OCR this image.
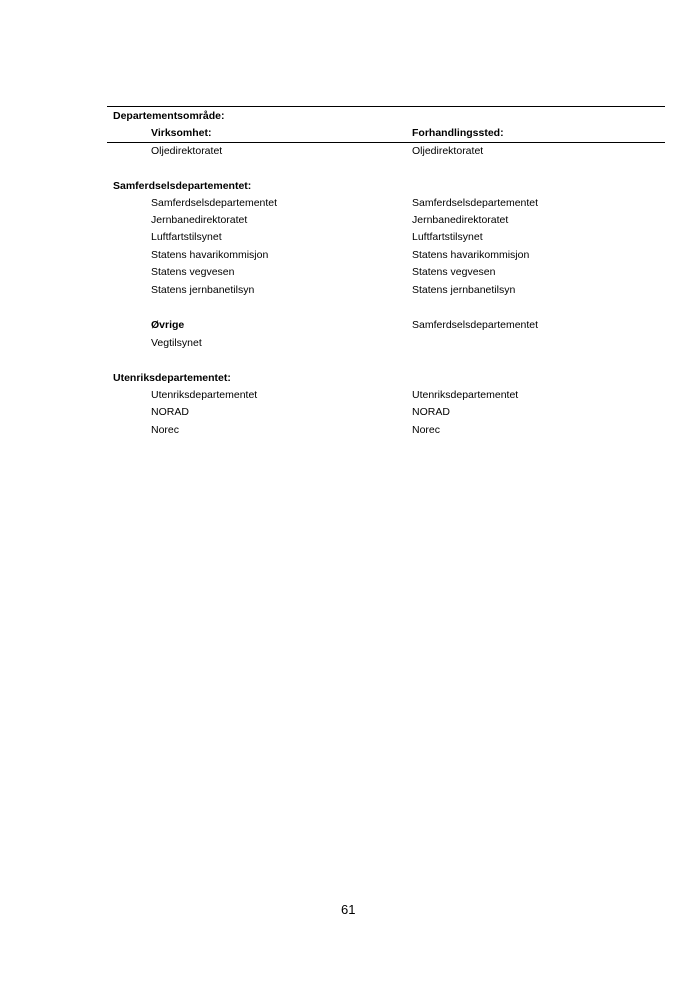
Departementsområde:
Virksomhet:	Forhandlingssted:
Oljedirektoratet	Oljedirektoratet
Samferdselsdepartementet:
Samferdselsdepartementet	Samferdselsdepartementet
Jernbanedirektoratet	Jernbanedirektoratet
Luftfartstilsynet	Luftfartstilsynet
Statens havarikommisjon	Statens havarikommisjon
Statens vegvesen	Statens vegvesen
Statens jernbanetilsyn	Statens jernbanetilsyn
Øvrige	Samferdselsdepartementet
Vegtilsynet
Utenriksdepartementet:
Utenriksdepartementet	Utenriksdepartementet
NORAD	NORAD
Norec	Norec
61
